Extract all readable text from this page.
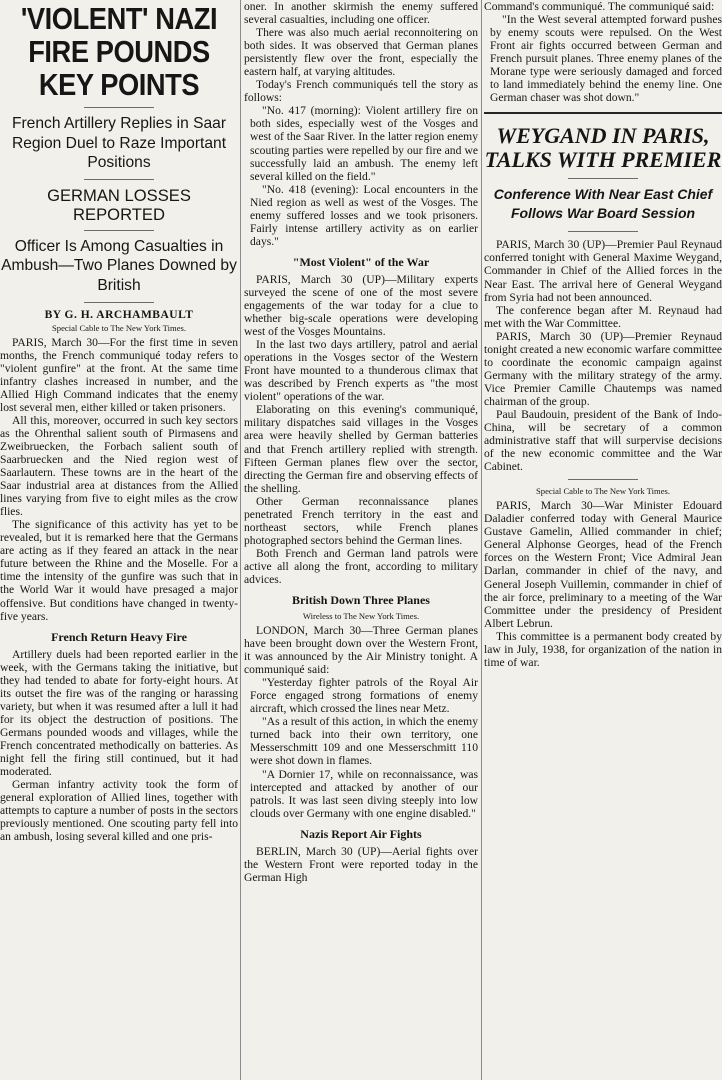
'VIOLENT' NAZI FIRE POUNDS KEY POINTS
French Artillery Replies in Saar Region Duel to Raze Important Positions
GERMAN LOSSES REPORTED
Officer Is Among Casualties in Ambush—Two Planes Downed by British
BY G. H. ARCHAMBAULT
Special Cable to The New York Times.

PARIS, March 30—For the first time in seven months, the French communiqué today refers to "violent gunfire" at the front. At the same time infantry clashes increased in number, and the Allied High Command indicates that the enemy lost several men, either killed or taken prisoners.

All this, moreover, occurred in such key sectors as the Ohrenthal salient south of Pirmasens and Zweibruecken, the Forbach salient south of Saarbruecken and the Nied region west of Saarlautern. These towns are in the heart of the Saar industrial area at distances from the Allied lines varying from five to eight miles as the crow flies.

The significance of this activity has yet to be revealed, but it is remarked here that the Germans are acting as if they feared an attack in the near future between the Rhine and the Moselle. For a time the intensity of the gunfire was such that in the World War it would have presaged a major offensive. But conditions have changed in twenty-five years.

French Return Heavy Fire

Artillery duels had been reported earlier in the week, with the Germans taking the initiative, but they had tended to abate for forty-eight hours. At its outset the fire was of the ranging or harassing variety, but when it was resumed after a lull it had for its object the destruction of positions. The Germans pounded woods and villages, while the French concentrated methodically on batteries. As night fell the firing still continued, but it had moderated.

German infantry activity took the form of general exploration of Allied lines, together with attempts to capture a number of posts in the sectors previously mentioned. One scouting party fell into an ambush, losing several killed and one pris-

oner. In another skirmish the enemy suffered several casualties, including one officer.

There was also much aerial reconnoitering on both sides. It was observed that German planes persistently flew over the front, especially the eastern half, at varying altitudes.

Today's French communiqués tell the story as follows:

"No. 417 (morning): Violent artillery fire on both sides, especially west of the Vosges and west of the Saar River. In the latter region enemy scouting parties were repelled by our fire and we successfully laid an ambush. The enemy left several killed on the field."

"No. 418 (evening): Local encounters in the Nied region as well as west of the Vosges. The enemy suffered losses and we took prisoners. Fairly intense artillery activity as on earlier days."

"Most Violent" of the War

PARIS, March 30 (UP)—Military experts surveyed the scene of one of the most severe engagements of the war today for a clue to whether big-scale operations were developing west of the Vosges Mountains.

In the last two days artillery, patrol and aerial operations in the Vosges sector of the Western Front have mounted to a thunderous climax that was described by French experts as "the most violent" operations of the war.

Elaborating on this evening's communiqué, military dispatches said villages in the Vosges area were heavily shelled by German batteries and that French artillery replied with strength. Fifteen German planes flew over the sector, directing the German fire and observing effects of the shelling.

Other German reconnaissance planes penetrated French territory in the east and northeast sectors, while French planes photographed sectors behind the German lines.

Both French and German land patrols were active all along the front, according to military advices.

British Down Three Planes
Wireless to The New York Times.

LONDON, March 30—Three German planes have been brought down over the Western Front, it was announced by the Air Ministry tonight. A communiqué said:

"Yesterday fighter patrols of the Royal Air Force engaged strong formations of enemy aircraft, which crossed the lines near Metz.

"As a result of this action, in which the enemy turned back into their own territory, one Messerschmitt 109 and one Messerschmitt 110 were shot down in flames.

"A Dornier 17, while on reconnaissance, was intercepted and attacked by another of our patrols. It was last seen diving steeply into low clouds over Germany with one engine disabled."

Nazis Report Air Fights

BERLIN, March 30 (UP)—Aerial fights over the Western Front were reported today in the German High

Command's communiqué. The communiqué said:

"In the West several attempted forward pushes by enemy scouts were repulsed. On the West Front air fights occurred between German and French pursuit planes. Three enemy planes of the Morane type were seriously damaged and forced to land immediately behind the enemy line. One German chaser was shot down."

WEYGAND IN PARIS, TALKS WITH PREMIER
Conference With Near East Chief Follows War Board Session

PARIS, March 30 (UP)—Premier Paul Reynaud conferred tonight with General Maxime Weygand, Commander in Chief of the Allied forces in the Near East. The arrival here of General Weygand from Syria had not been announced.

The conference began after M. Reynaud had met with the War Committee.

PARIS, March 30 (UP)—Premier Reynaud tonight created a new economic warfare committee to coordinate the economic campaign against Germany with the military strategy of the army. Vice Premier Camille Chautemps was named chairman of the group.

Paul Baudouin, president of the Bank of Indo-China, will be secretary of a common administrative staff that will surpervise decisions of the new economic committee and the War Cabinet.

Special Cable to The New York Times.

PARIS, March 30—War Minister Edouard Daladier conferred today with General Maurice Gustave Gamelin, Allied commander in chief; General Alphonse Georges, head of the French forces on the Western Front; Vice Admiral Jean Darlan, commander in chief of the navy, and General Joseph Vuillemin, commander in chief of the air force, preliminary to a meeting of the War Committee under the presidency of President Albert Lebrun.

This committee is a permanent body created by law in July, 1938, for organization of the nation in time of war.
